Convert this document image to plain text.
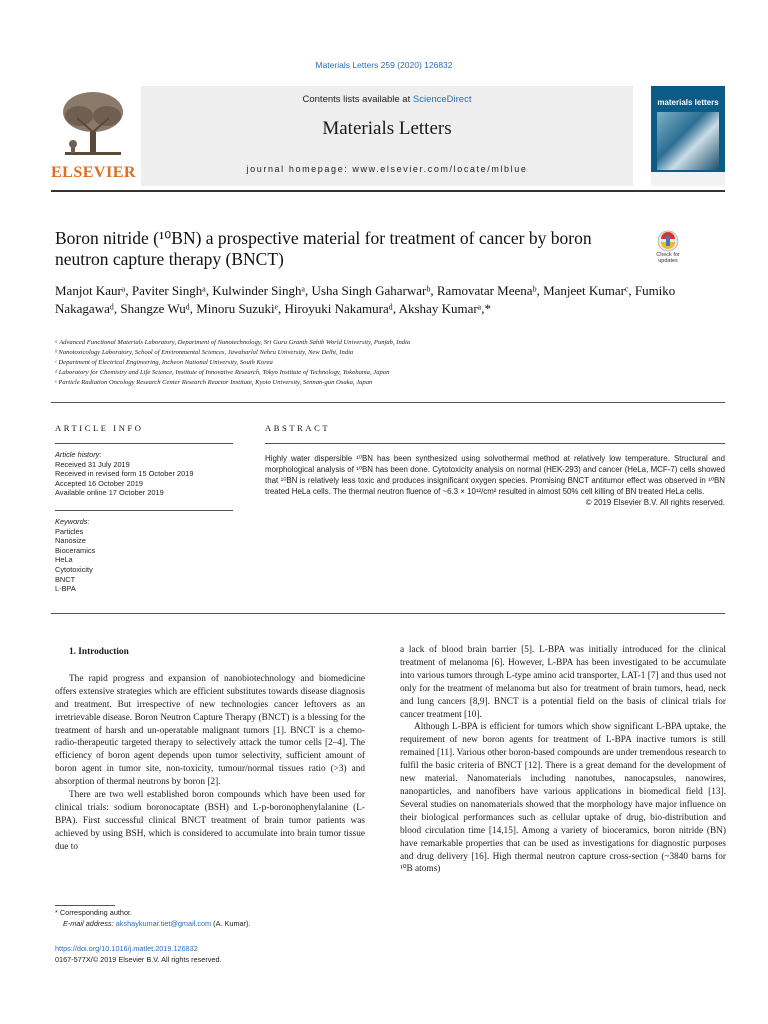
Materials Letters 259 (2020) 126832
ELSEVIER
Contents lists available at ScienceDirect
Materials Letters
journal homepage: www.elsevier.com/locate/mlblue
materials letters
Boron nitride (¹⁰BN) a prospective material for treatment of cancer by boron neutron capture therapy (BNCT)	Check for updates
Manjot Kaurᵃ, Paviter Singhᵃ, Kulwinder Singhᵃ, Usha Singh Gaharwarᵇ, Ramovatar Meenaᵇ, Manjeet Kumarᶜ, Fumiko Nakagawaᵈ, Shangze Wuᵈ, Minoru Suzukiᵉ, Hiroyuki Nakamuraᵈ, Akshay Kumarᵃ,*
ᵃ Advanced Functional Materials Laboratory, Department of Nanotechnology, Sri Guru Granth Sahib World University, Punjab, India
ᵇ Nanotoxicology Laboratory, School of Environmental Sciences, Jawaharlal Nehru University, New Delhi, India
ᶜ Department of Electrical Engineering, Incheon National University, South Korea
ᵈ Laboratory for Chemistry and Life Science, Institute of Innovative Research, Tokyo Institute of Technology, Yokohama, Japan
ᵉ Particle Radiation Oncology Research Center Research Reactor Institute, Kyoto University, Sennan-gun Osaka, Japan
ARTICLE INFO
Article history:
Received 31 July 2019
Received in revised form 15 October 2019
Accepted 16 October 2019
Available online 17 October 2019
Keywords:
Particles
Nanosize
Bioceramics
HeLa
Cytotoxicity
BNCT
L-BPA
ABSTRACT
Highly water dispersible ¹⁰BN has been synthesized using solvothermal method at relatively low temperature. Structural and morphological analysis of ¹⁰BN has been done. Cytotoxicity analysis on normal (HEK-293) and cancer (HeLa, MCF-7) cells showed that ¹⁰BN is relatively less toxic and produces insignificant oxygen species. Promising BNCT antitumor effect was observed in ¹⁰BN treated HeLa cells. The thermal neutron fluence of ~6.3 × 10¹²/cm² resulted in almost 50% cell killing of BN treated HeLa cells.
© 2019 Elsevier B.V. All rights reserved.

1. Introduction

The rapid progress and expansion of nanobiotechnology and biomedicine offers extensive strategies which are efficient substitutes towards disease diagnosis and treatment. But irrespective of new technologies cancer leftovers as an irretrievable disease. Boron Neutron Capture Therapy (BNCT) is a blessing for the treatment of harsh and un-operatable malignant tumors [1]. BNCT is a chemo-radio-therapeutic targeted therapy to selectively attack the tumor cells [2–4]. The efficiency of boron agent depends upon tumor selectivity, sufficient amount of boron agent in tumor site, non-toxicity, tumour/normal tissues ratio (>3) and absorption of thermal neutrons by boron [2].

There are two well established boron compounds which have been used for clinical trials: sodium boronocaptate (BSH) and L-p-boronophenylalanine (L-BPA). First successful clinical BNCT treatment of brain tumor patients was achieved by using BSH, which is considered to accumulate into brain tumor tissue due to

a lack of blood brain barrier [5]. L-BPA was initially introduced for the clinical treatment of melanoma [6]. However, L-BPA has been investigated to be accumulate into various tumors through L-type amino acid transporter, LAT-1 [7] and thus used not only for the treatment of melanoma but also for treatment of brain tumors, head, neck and lung cancers [8,9]. BNCT is a potential field on the basis of clinical trials for cancer treatment [10].

Although L-BPA is efficient for tumors which show significant L-BPA uptake, the requirement of new boron agents for treatment of L-BPA inactive tumors is still remained [11]. Various other boron-based compounds are under tremendous research to fulfil the basic criteria of BNCT [12]. There is a great demand for the development of new material. Nanomaterials including nanotubes, nanocapsules, nanowires, nanoparticles, and nanofibers have various applications in biomedical field [13]. Several studies on nanomaterials showed that the morphology have major influence on their biological performances such as cellular uptake of drug, bio-distribution and blood circulation time [14,15]. Among a variety of bioceramics, boron nitride (BN) have remarkable properties that can be used as investigations for diagnostic purposes and drug delivery [16]. High thermal neutron capture cross-section (~3840 barns for ¹⁰B atoms)

* Corresponding author.
E-mail address: akshaykumar.tiet@gmail.com (A. Kumar).
https://doi.org/10.1016/j.matlet.2019.126832
0167-577X/© 2019 Elsevier B.V. All rights reserved.
